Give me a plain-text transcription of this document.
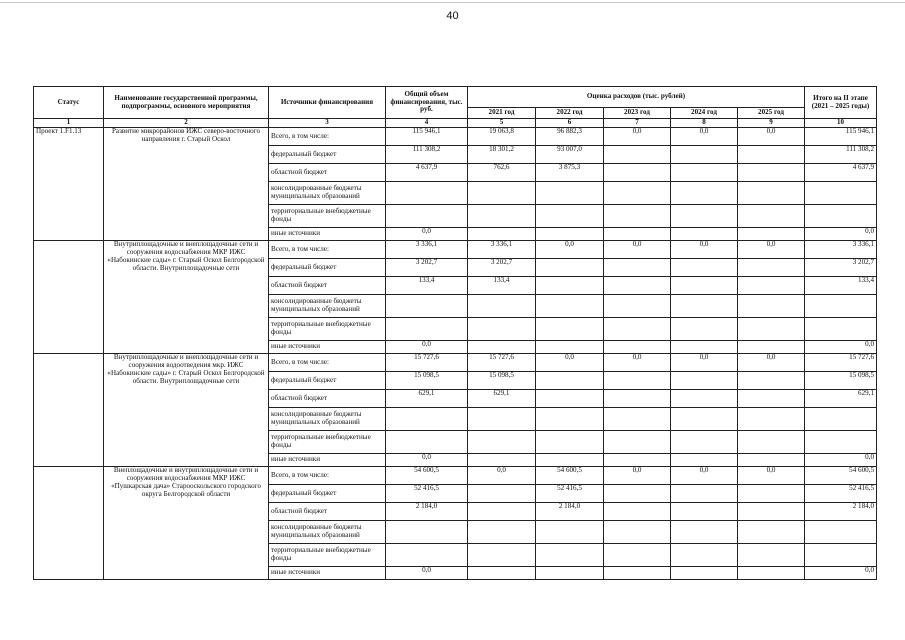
40
Статус	Наименование государственной программы, подпрограммы, основного мероприятия	Источники финансирования	Общий объем финансирования, тыс. руб.	Оценка расходов (тыс. рублей)					Итого на II этапе (2021 – 2025 годы)
				2021 год	2022 год	2023 год	2024 год	2025 год	
1	2	3	4	5	6	7	8	9	10
Проект 1.F1.13	Развитие микрорайонов ИЖС северо-восточного направления г. Старый Оскол	Всего, в том числе:	115 946,1	19 063,8	96 882,3	0,0	0,0	0,0	115 946,1
		федеральный бюджет	111 308,2	18 301,2	93 007,0				111 308,2
		областной бюджет	4 637,9	762,6	3 875,3				4 637,9
		консолидированные бюджеты муниципальных образований							
		территориальные внебюджетные фонды							
		иные источники	0,0						0,0
	Внутриплощадочные и внеплощадочные сети и сооружения водоснабжения МКР ИЖС «Набокинские сады» г. Старый Оскол Белгородской области. Внутриплощадочные сети	Всего, в том числе:	3 336,1	3 336,1	0,0	0,0	0,0	0,0	3 336,1
		федеральный бюджет	3 202,7	3 202,7					3 202,7
		областной бюджет	133,4	133,4					133,4
		консолидированные бюджеты муниципальных образований							
		территориальные внебюджетные фонды							
		иные источники	0,0						0,0
	Внутриплощадочные и внеплощадочные сети и сооружения водоотведения мкр. ИЖС «Набокинские сады» г. Старый Оскол Белгородской области. Внутриплощадочные сети	Всего, в том числе:	15 727,6	15 727,6	0,0	0,0	0,0	0,0	15 727,6
		федеральный бюджет	15 098,5	15 098,5					15 098,5
		областной бюджет	629,1	629,1					629,1
		консолидированные бюджеты муниципальных образований							
		территориальные внебюджетные фонды							
		иные источники	0,0						0,0
	Внеплощадочные и внутриплощадочные сети и сооружения водоснабжения МКР ИЖС «Пушкарская дача» Старооскольского городского округа Белгородской области	Всего, в том числе:	54 600,5	0,0	54 600,5	0,0	0,0	0,0	54 600,5
		федеральный бюджет	52 416,5		52 416,5				52 416,5
		областной бюджет	2 184,0		2 184,0				2 184,0
		консолидированные бюджеты муниципальных образований							
		территориальные внебюджетные фонды							
		иные источники	0,0						0,0
